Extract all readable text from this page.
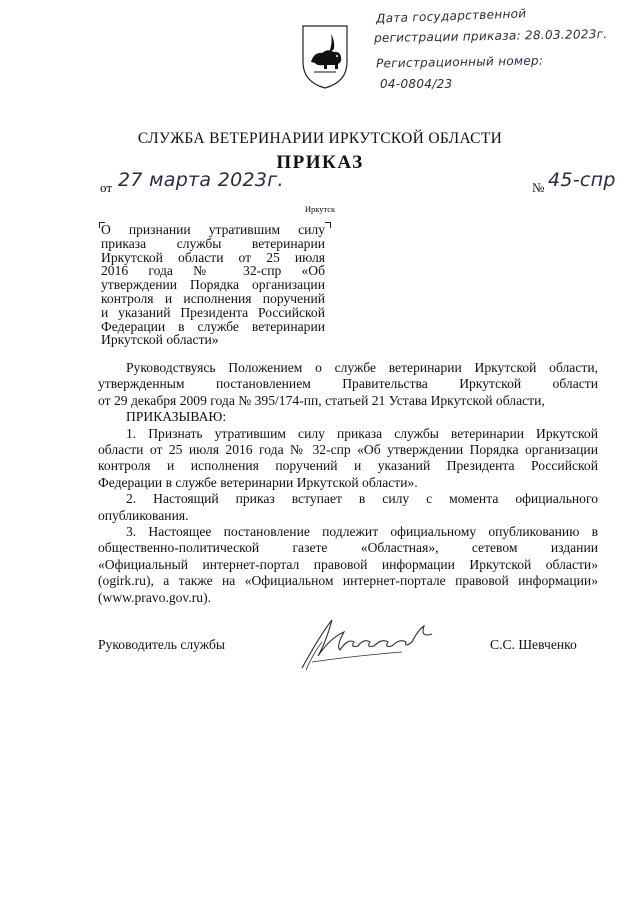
Дата государственной
регистрации приказа: 28.03.2023г.
Регистрационный номер:
04-0804/23
СЛУЖБА ВЕТЕРИНАРИИ ИРКУТСКОЙ ОБЛАСТИ
ПРИКАЗ
от 27 марта 2023г.	№ 45-спр
Иркутск
О признании утратившим силу
приказа службы ветеринарии
Иркутской области от 25 июля
2016 года № 32-спр «Об
утверждении Порядка организации
контроля и исполнения поручений
и указаний Президента Российской
Федерации в службе ветеринарии
Иркутской области»
Руководствуясь Положением о службе ветеринарии Иркутской области,
утвержденным постановлением Правительства Иркутской области
от 29 декабря 2009 года № 395/174-пп, статьей 21 Устава Иркутской области,
ПРИКАЗЫВАЮ:
1. Признать утратившим силу приказа службы ветеринарии Иркутской
области от 25 июля 2016 года № 32-спр «Об утверждении Порядка организации
контроля и исполнения поручений и указаний Президента Российской
Федерации в службе ветеринарии Иркутской области».
2. Настоящий приказ вступает в силу с момента официального
опубликования.
3. Настоящее постановление подлежит официальному опубликованию в
общественно-политической газете «Областная», сетевом издании
«Официальный интернет-портал правовой информации Иркутской области»
(ogirk.ru), а также на «Официальном интернет-портале правовой информации»
(www.pravo.gov.ru).
Руководитель службы	С.С. Шевченко
